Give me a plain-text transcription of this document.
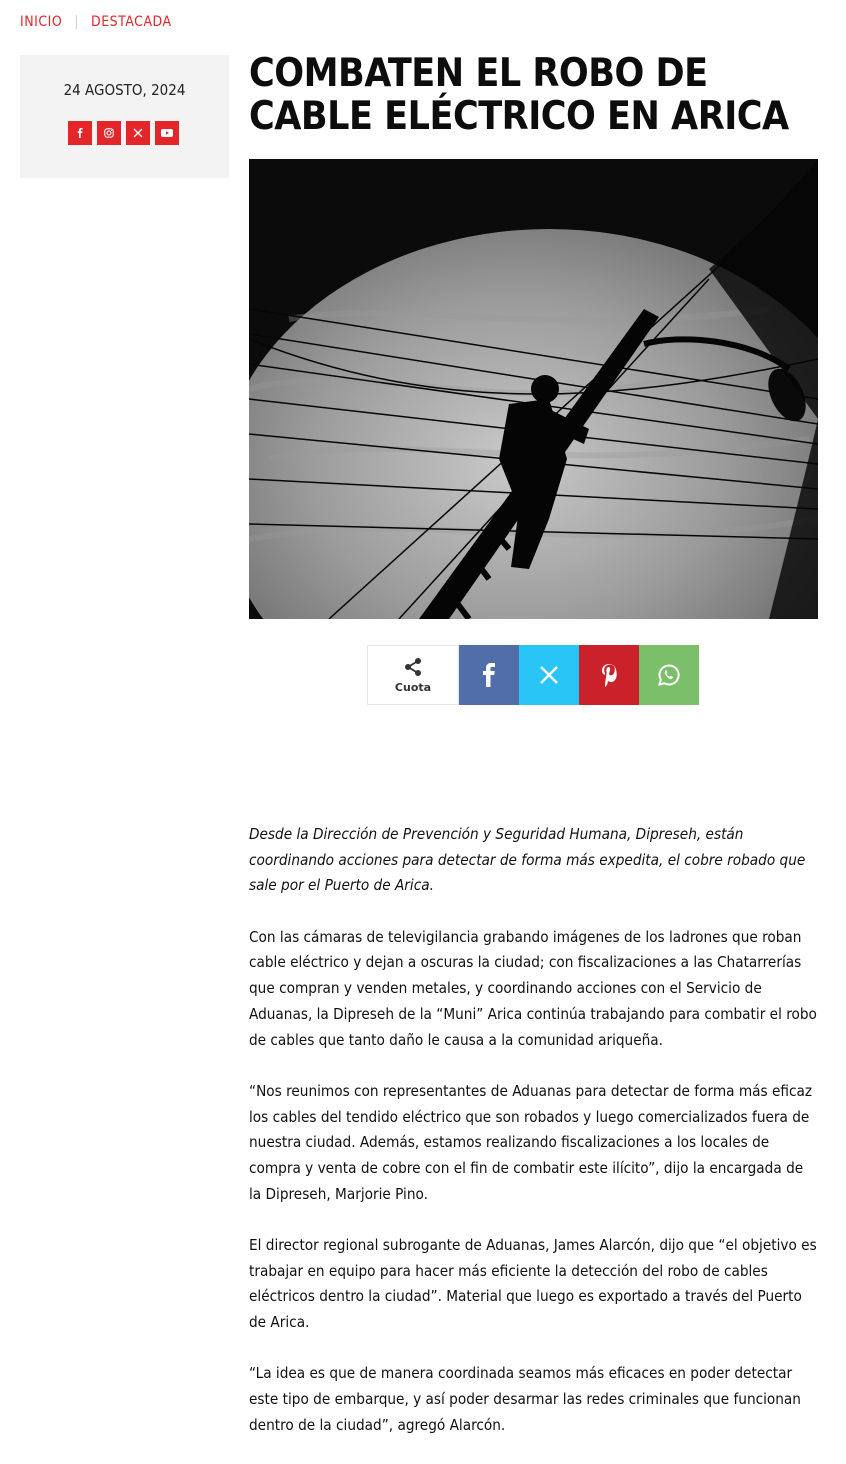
INICIO | DESTACADA
24 AGOSTO, 2024	COMBATEN EL ROBO DE CABLE ELÉCTRICO EN ARICA
Cuota

Desde la Dirección de Prevención y Seguridad Humana, Dipreseh, están coordinando acciones para detectar de forma más expedita, el cobre robado que sale por el Puerto de Arica.

Con las cámaras de televigilancia grabando imágenes de los ladrones que roban cable eléctrico y dejan a oscuras la ciudad; con fiscalizaciones a las Chatarrerías que compran y venden metales, y coordinando acciones con el Servicio de Aduanas, la Dipreseh de la “Muni” Arica continúa trabajando para combatir el robo de cables que tanto daño le causa a la comunidad ariqueña.

“Nos reunimos con representantes de Aduanas para detectar de forma más eficaz los cables del tendido eléctrico que son robados y luego comercializados fuera de nuestra ciudad. Además, estamos realizando fiscalizaciones a los locales de compra y venta de cobre con el fin de combatir este ilícito”, dijo la encargada de la Dipreseh, Marjorie Pino.

El director regional subrogante de Aduanas, James Alarcón, dijo que “el objetivo es trabajar en equipo para hacer más eficiente la detección del robo de cables eléctricos dentro la ciudad”. Material que luego es exportado a través del Puerto de Arica.

“La idea es que de manera coordinada seamos más eficaces en poder detectar este tipo de embarque, y así poder desarmar las redes criminales que funcionan dentro de la ciudad”, agregó Alarcón.
